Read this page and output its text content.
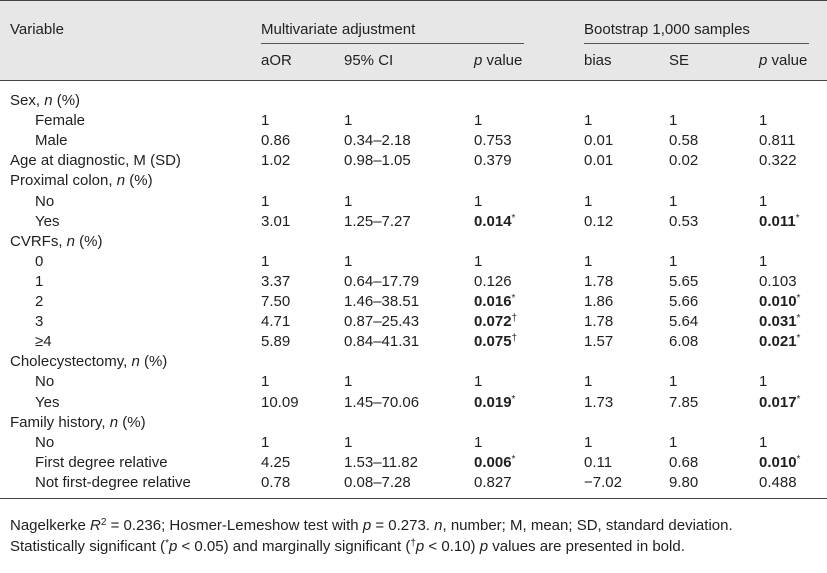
Variable	Multivariate adjustment	Bootstrap 1,000 samples
aOR	95% CI	p value	bias	SE	p value
Sex, n (%)
Female	1	1	1	1	1	1
Male	0.86	0.34–2.18	0.753	0.01	0.58	0.811
Age at diagnostic, M (SD)	1.02	0.98–1.05	0.379	0.01	0.02	0.322
Proximal colon, n (%)
No	1	1	1	1	1	1
Yes	3.01	1.25–7.27	0.014*	0.12	0.53	0.011*
CVRFs, n (%)
0	1	1	1	1	1	1
1	3.37	0.64–17.79	0.126	1.78	5.65	0.103
2	7.50	1.46–38.51	0.016*	1.86	5.66	0.010*
3	4.71	0.87–25.43	0.072†	1.78	5.64	0.031*
≥4	5.89	0.84–41.31	0.075†	1.57	6.08	0.021*
Cholecystectomy, n (%)
No	1	1	1	1	1	1
Yes	10.09	1.45–70.06	0.019*	1.73	7.85	0.017*
Family history, n (%)
No	1	1	1	1	1	1
First degree relative	4.25	1.53–11.82	0.006*	0.11	0.68	0.010*
Not first-degree relative	0.78	0.08–7.28	0.827	−7.02	9.80	0.488
Nagelkerke $R^2 = 0.236$; Hosmer-Lemeshow test with p = 0.273. n, number; M, mean; SD, standard deviation.
Statistically significant (*p < 0.05) and marginally significant (†p < 0.10) p values are presented in bold.
